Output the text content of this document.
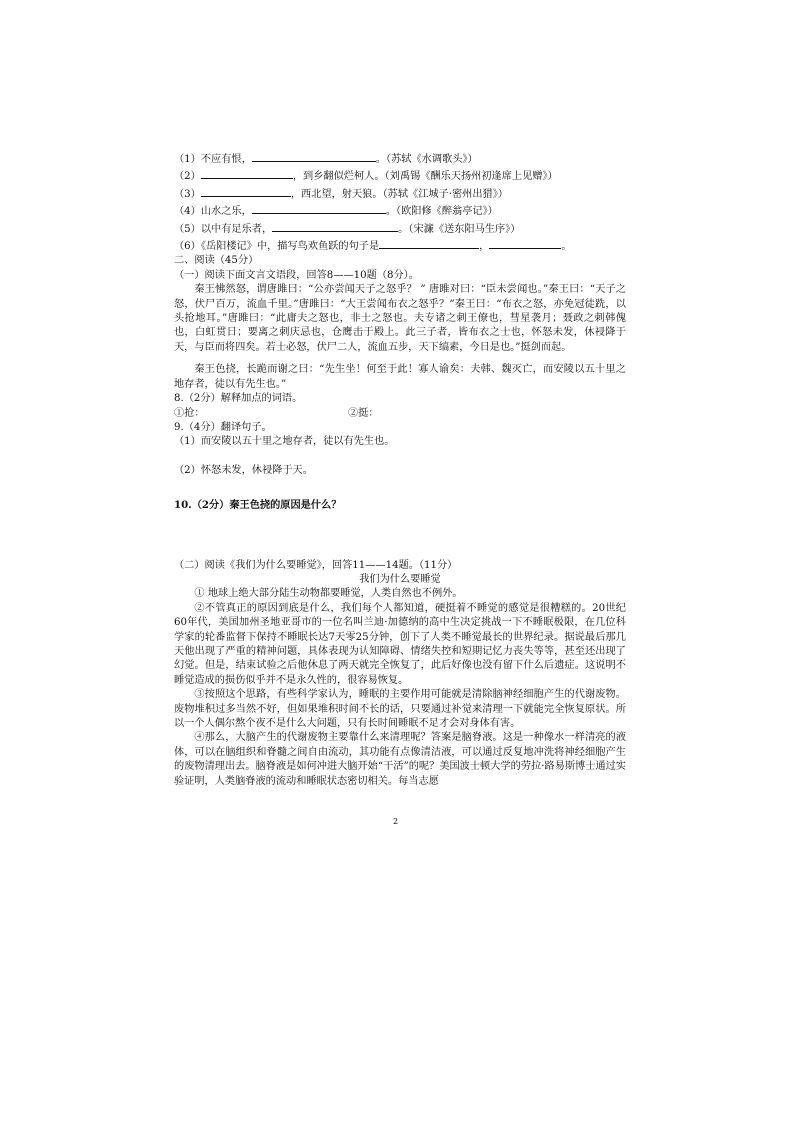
（1）不应有恨，	。（苏轼《水调歌头》）
（2）	，到乡翻似烂柯人。（刘禹锡《酬乐天扬州初逢席上见赠》）
（3）	，西北望，射天狼。（苏轼《江城子·密州出猎》）
（4）山水之乐，	。（欧阳修《醉翁亭记》）
（5）以中有足乐者，	。（宋濂《送东阳马生序》）
（6）《岳阳楼记》中，描写鸟欢鱼跃的句子是	，	。
二、阅读（45分）
（一）阅读下面文言文语段，回答8——10题（8分）。

秦王怫然怒，谓唐雎曰：“公亦尝闻天子之怒乎？ ” 唐雎对曰：“臣未尝闻也。”秦王曰：“天子之怒，伏尸百万，流血千里。”唐雎曰：“大王尝闻布衣之怒乎？”秦王曰：“布衣之怒，亦免冠徒跣，以头抢地耳。”唐雎曰：“此庸夫之怒也，非士之怒也。夫专诸之刺王僚也，彗星袭月；聂政之刺韩傀也，白虹贯日；要离之刺庆忌也，仓鹰击于殿上。此三子者，皆布衣之士也，怀怒未发，休祲降于天，与臣而将四矣。若士必怒，伏尸二人，流血五步，天下缟素，今日是也。”挺剑而起。

秦王色挠，长跪而谢之曰：“先生坐！何至于此！寡人谕矣：夫韩、魏灭亡，而安陵以五十里之地存者，徒以有先生也。”

8.（2分）解释加点的词语。
①抢：	②挺：
9.（4分）翻译句子。
（1）而安陵以五十里之地存者，徒以有先生也。
（2）怀怒未发，休祲降于天。
10.（2分）秦王色挠的原因是什么？
（二）阅读《我们为什么要睡觉》，回答11——14题。（11分）
我们为什么要睡觉

① 地球上绝大部分陆生动物都要睡觉，人类自然也不例外。

②不管真正的原因到底是什么，我们每个人都知道，硬挺着不睡觉的感觉是很糟糕的。20世纪60年代，美国加州圣地亚哥市的一位名叫兰迪·加德纳的高中生决定挑战一下不睡眠极限，在几位科学家的轮番监督下保持不睡眠长达7天零25分钟，创下了人类不睡觉最长的世界纪录。据说最后那几天他出现了严重的精神问题，具体表现为认知障碍、情绪失控和短期记忆力丧失等等，甚至还出现了幻觉。但是，结束试验之后他休息了两天就完全恢复了，此后好像也没有留下什么后遗症。这说明不睡觉造成的损伤似乎并不是永久性的，很容易恢复。

③按照这个思路，有些科学家认为，睡眠的主要作用可能就是清除脑神经细胞产生的代谢废物。废物堆积过多当然不好，但如果堆积时间不长的话，只要通过补觉来清理一下就能完全恢复原状。所以一个人偶尔熬个夜不是什么大问题，只有长时间睡眠不足才会对身体有害。

④那么，大脑产生的代谢废物主要靠什么来清理呢？答案是脑脊液。这是一种像水一样清亮的液体，可以在脑组织和脊髓之间自由流动，其功能有点像清洁液，可以通过反复地冲洗将神经细胞产生的废物清理出去。脑脊液是如何冲进大脑开始“干活”的呢？美国波士顿大学的劳拉·路易斯博士通过实验证明，人类脑脊液的流动和睡眠状态密切相关。每当志愿

2
